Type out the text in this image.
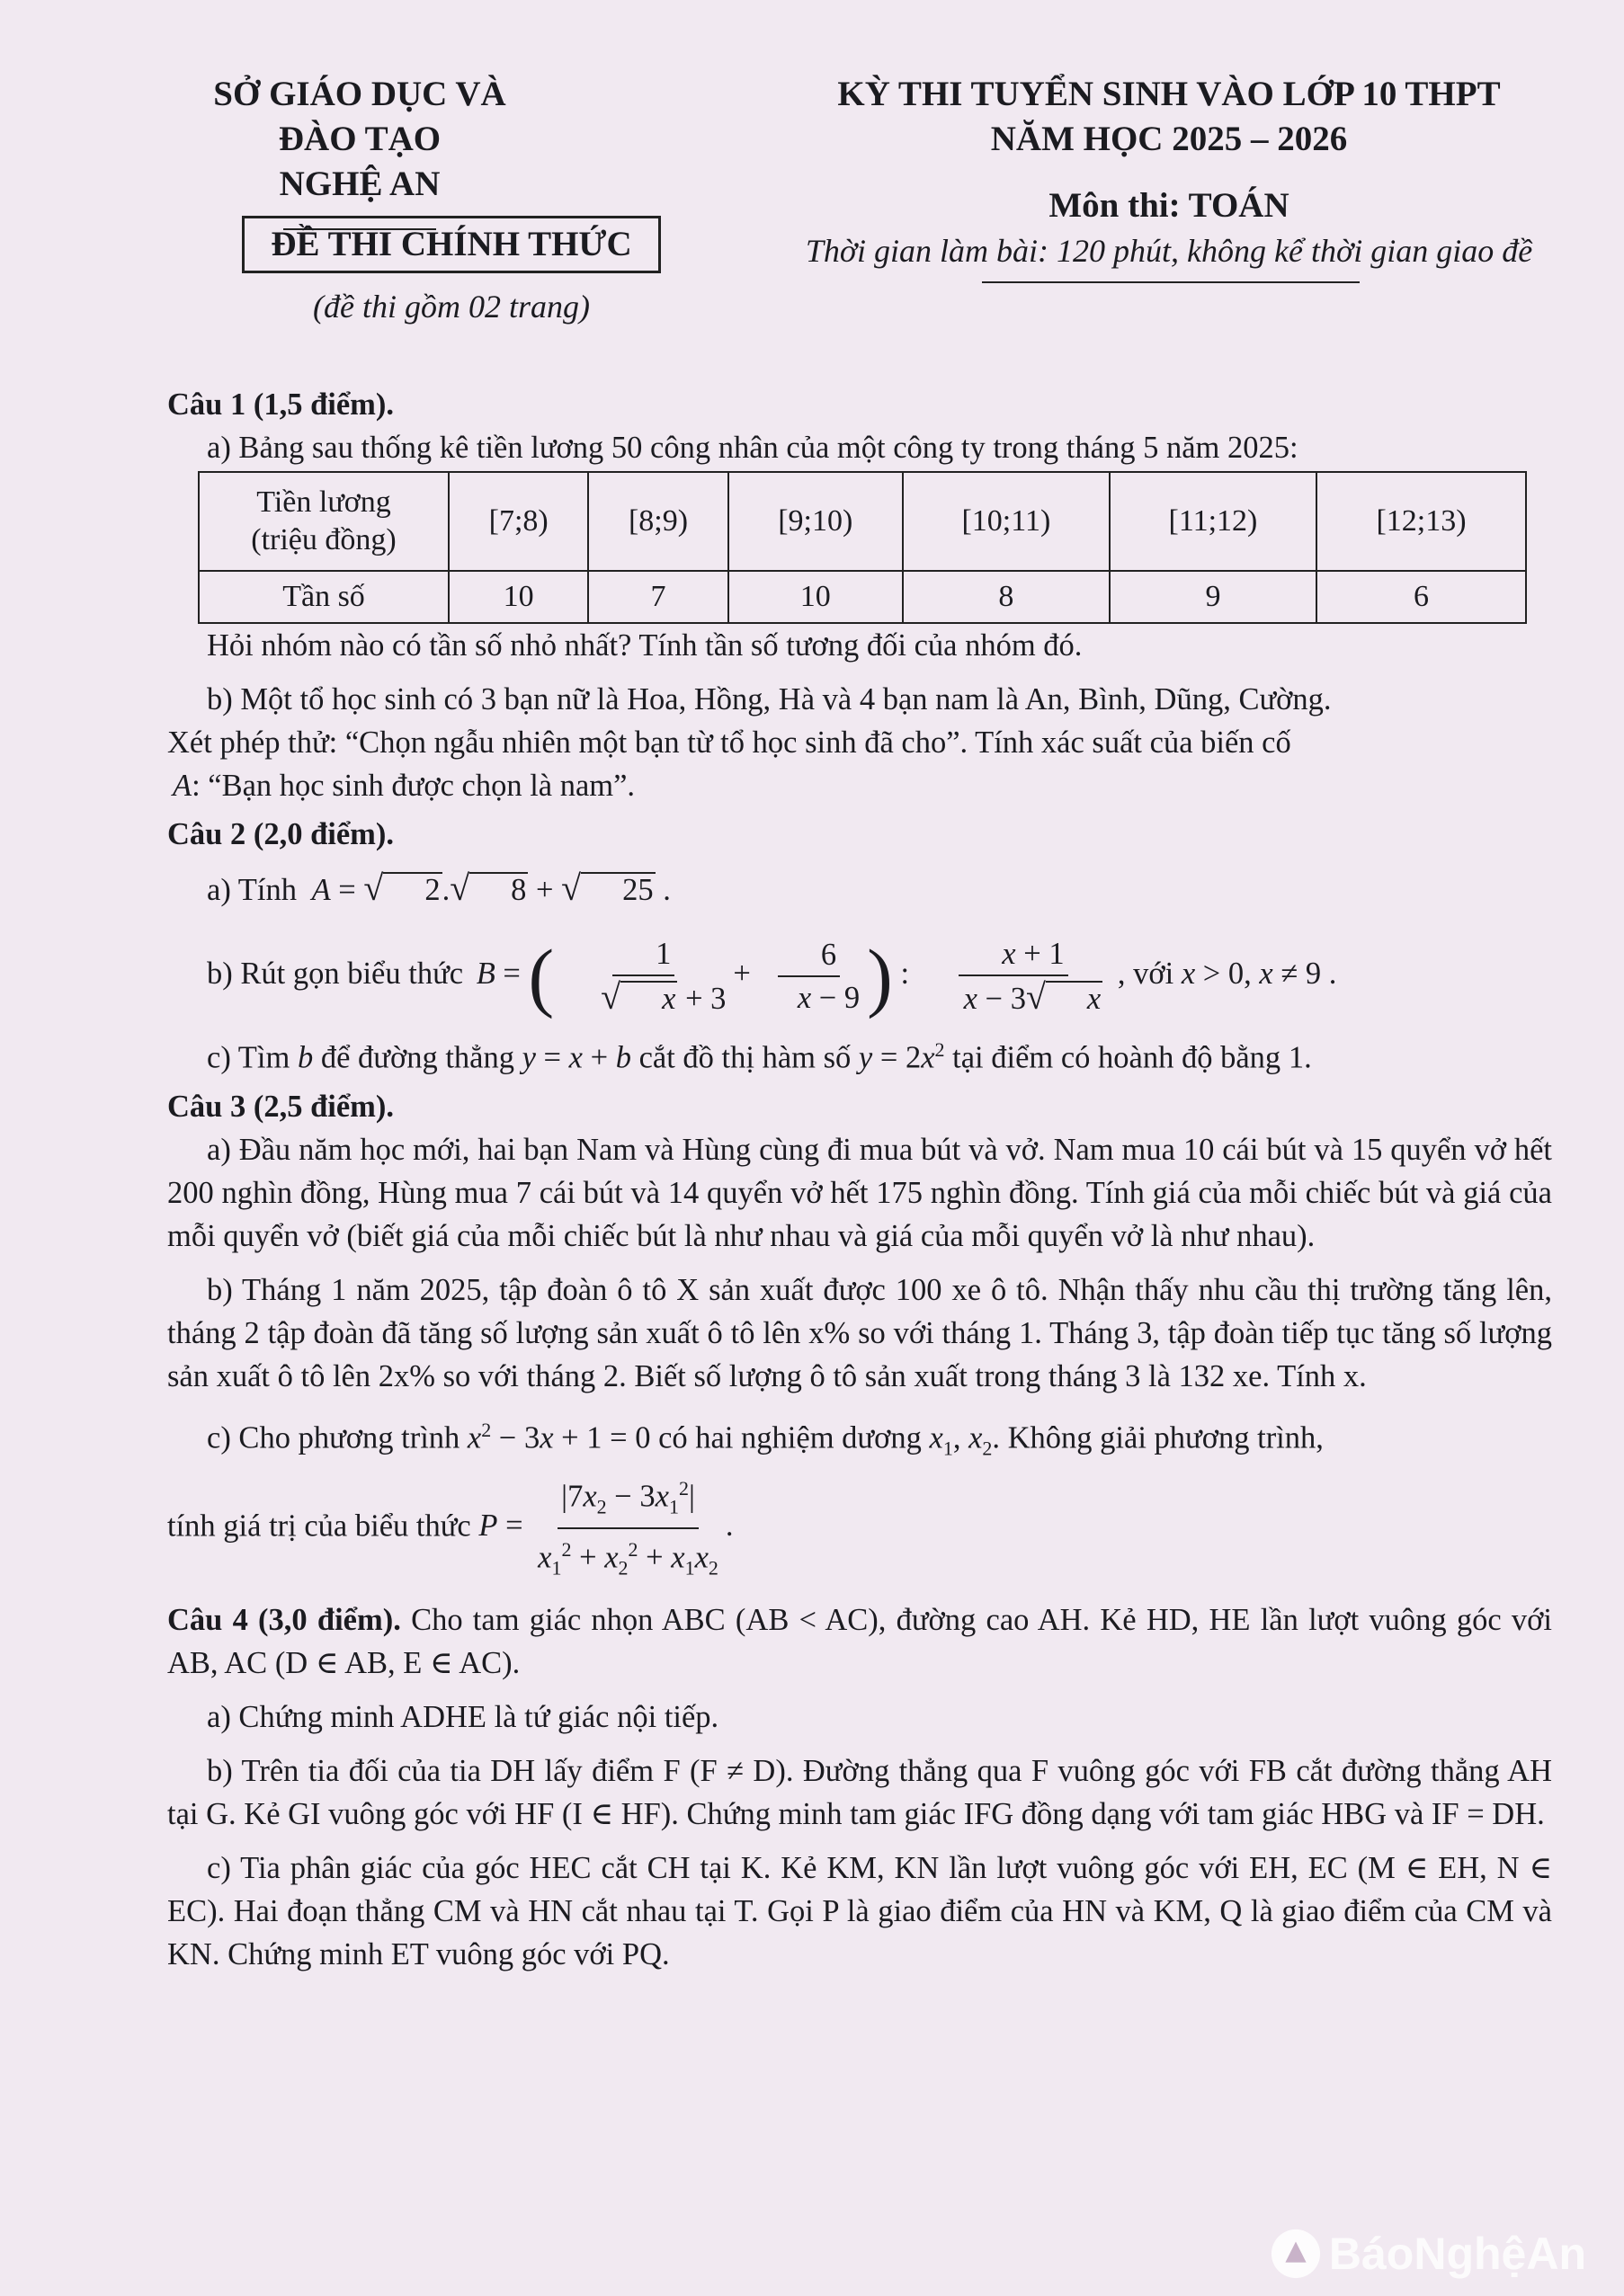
SỞ GIÁO DỤC VÀ ĐÀO TẠO
NGHỆ AN
ĐỀ THI CHÍNH THỨC
(đề thi gồm 02 trang)
KỲ THI TUYỂN SINH VÀO LỚP 10 THPT
NĂM HỌC 2025 – 2026
Môn thi: TOÁN
Thời gian làm bài: 120 phút, không kể thời gian giao đề
Câu 1 (1,5 điểm).

a) Bảng sau thống kê tiền lương 50 công nhân của một công ty trong tháng 5 năm 2025:

Tiền lương
(triệu đồng)	[7;8)	[8;9)	[9;10)	[10;11)	[11;12)	[12;13)
Tần số	10	7	10	8	9	6

Hỏi nhóm nào có tần số nhỏ nhất? Tính tần số tương đối của nhóm đó.

b) Một tổ học sinh có 3 bạn nữ là Hoa, Hồng, Hà và 4 bạn nam là An, Bình, Dũng, Cường.

Xét phép thử: “Chọn ngẫu nhiên một bạn từ tổ học sinh đã cho”. Tính xác suất của biến cố

A: “Bạn học sinh được chọn là nam”.

Câu 2 (2,0 điểm).

a) Tính A = √ 2.√ 8 + √ 25 .

b) Rút gọn biểu thức B = ( $\frac{1}{√ x + 3} + \frac{6}{x - 9}$ ) : $\frac{x + 1}{x - 3√ x}$ , với x > 0, x ≠ 9 .

c) Tìm b để đường thẳng y = x + b cắt đồ thị hàm số $y = 2x^2$ tại điểm có hoành độ bằng 1.

Câu 3 (2,5 điểm).

a) Đầu năm học mới, hai bạn Nam và Hùng cùng đi mua bút và vở. Nam mua 10 cái bút và 15 quyển vở hết 200 nghìn đồng, Hùng mua 7 cái bút và 14 quyển vở hết 175 nghìn đồng. Tính giá của mỗi chiếc bút và giá của mỗi quyển vở (biết giá của mỗi chiếc bút là như nhau và giá của mỗi quyển vở là như nhau).

b) Tháng 1 năm 2025, tập đoàn ô tô X sản xuất được 100 xe ô tô. Nhận thấy nhu cầu thị trường tăng lên, tháng 2 tập đoàn đã tăng số lượng sản xuất ô tô lên x% so với tháng 1. Tháng 3, tập đoàn tiếp tục tăng số lượng sản xuất ô tô lên 2x% so với tháng 2. Biết số lượng ô tô sản xuất trong tháng 3 là 132 xe. Tính x.

c) Cho phương trình $x^2 - 3x + 1 = 0$ có hai nghiệm dương $x_1$, $x_2$. Không giải phương trình,

tính giá trị của biểu thức $P = \frac{|7x_2 - 3x_1^2|}{x_1^2 + x_2^2 + x_1x_2}$ .

Câu 4 (3,0 điểm). Cho tam giác nhọn ABC (AB < AC), đường cao AH. Kẻ HD, HE lần lượt vuông góc với AB, AC (D ∈ AB, E ∈ AC).

a) Chứng minh ADHE là tứ giác nội tiếp.

b) Trên tia đối của tia DH lấy điểm F (F ≠ D). Đường thẳng qua F vuông góc với FB cắt đường thẳng AH tại G. Kẻ GI vuông góc với HF (I ∈ HF). Chứng minh tam giác IFG đồng dạng với tam giác HBG và IF = DH.

c) Tia phân giác của góc HEC cắt CH tại K. Kẻ KM, KN lần lượt vuông góc với EH, EC (M ∈ EH, N ∈ EC). Hai đoạn thẳng CM và HN cắt nhau tại T. Gọi P là giao điểm của HN và KM, Q là giao điểm của CM và KN. Chứng minh ET vuông góc với PQ.

BáoNghệAn
